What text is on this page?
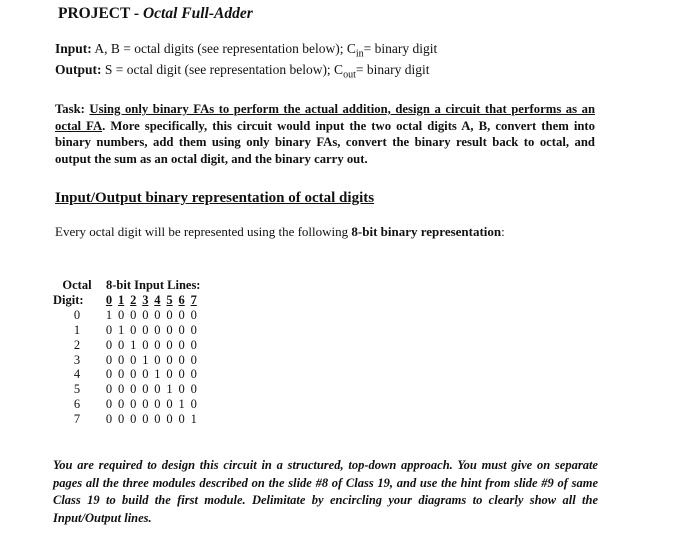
PROJECT - Octal Full-Adder
Input: A, B = octal digits (see representation below); $C_{in}=$ binary digit
Output: S = octal digit (see representation below); $C_{out}=$ binary digit
Task: Using only binary FAs to perform the actual addition, design a circuit that performs as an octal FA. More specifically, this circuit would input the two octal digits A, B, convert them into binary numbers, add them using only binary FAs, convert the binary result back to octal, and output the sum as an octal digit, and the binary carry out.
Input/Output binary representation of octal digits
Every octal digit will be represented using the following 8-bit binary representation:
Octal	8-bit Input Lines:
Digit:	0 1 2 3 4 5 6 7
0	1 0 0 0 0 0 0 0
1	0 1 0 0 0 0 0 0
2	0 0 1 0 0 0 0 0
3	0 0 0 1 0 0 0 0
4	0 0 0 0 1 0 0 0
5	0 0 0 0 0 1 0 0
6	0 0 0 0 0 0 1 0
7	0 0 0 0 0 0 0 1
You are required to design this circuit in a structured, top-down approach. You must give on separate pages all the three modules described on the slide #8 of Class 19, and use the hint from slide #9 of same Class 19 to build the first module. Delimitate by encircling your diagrams to clearly show all the Input/Output lines.
